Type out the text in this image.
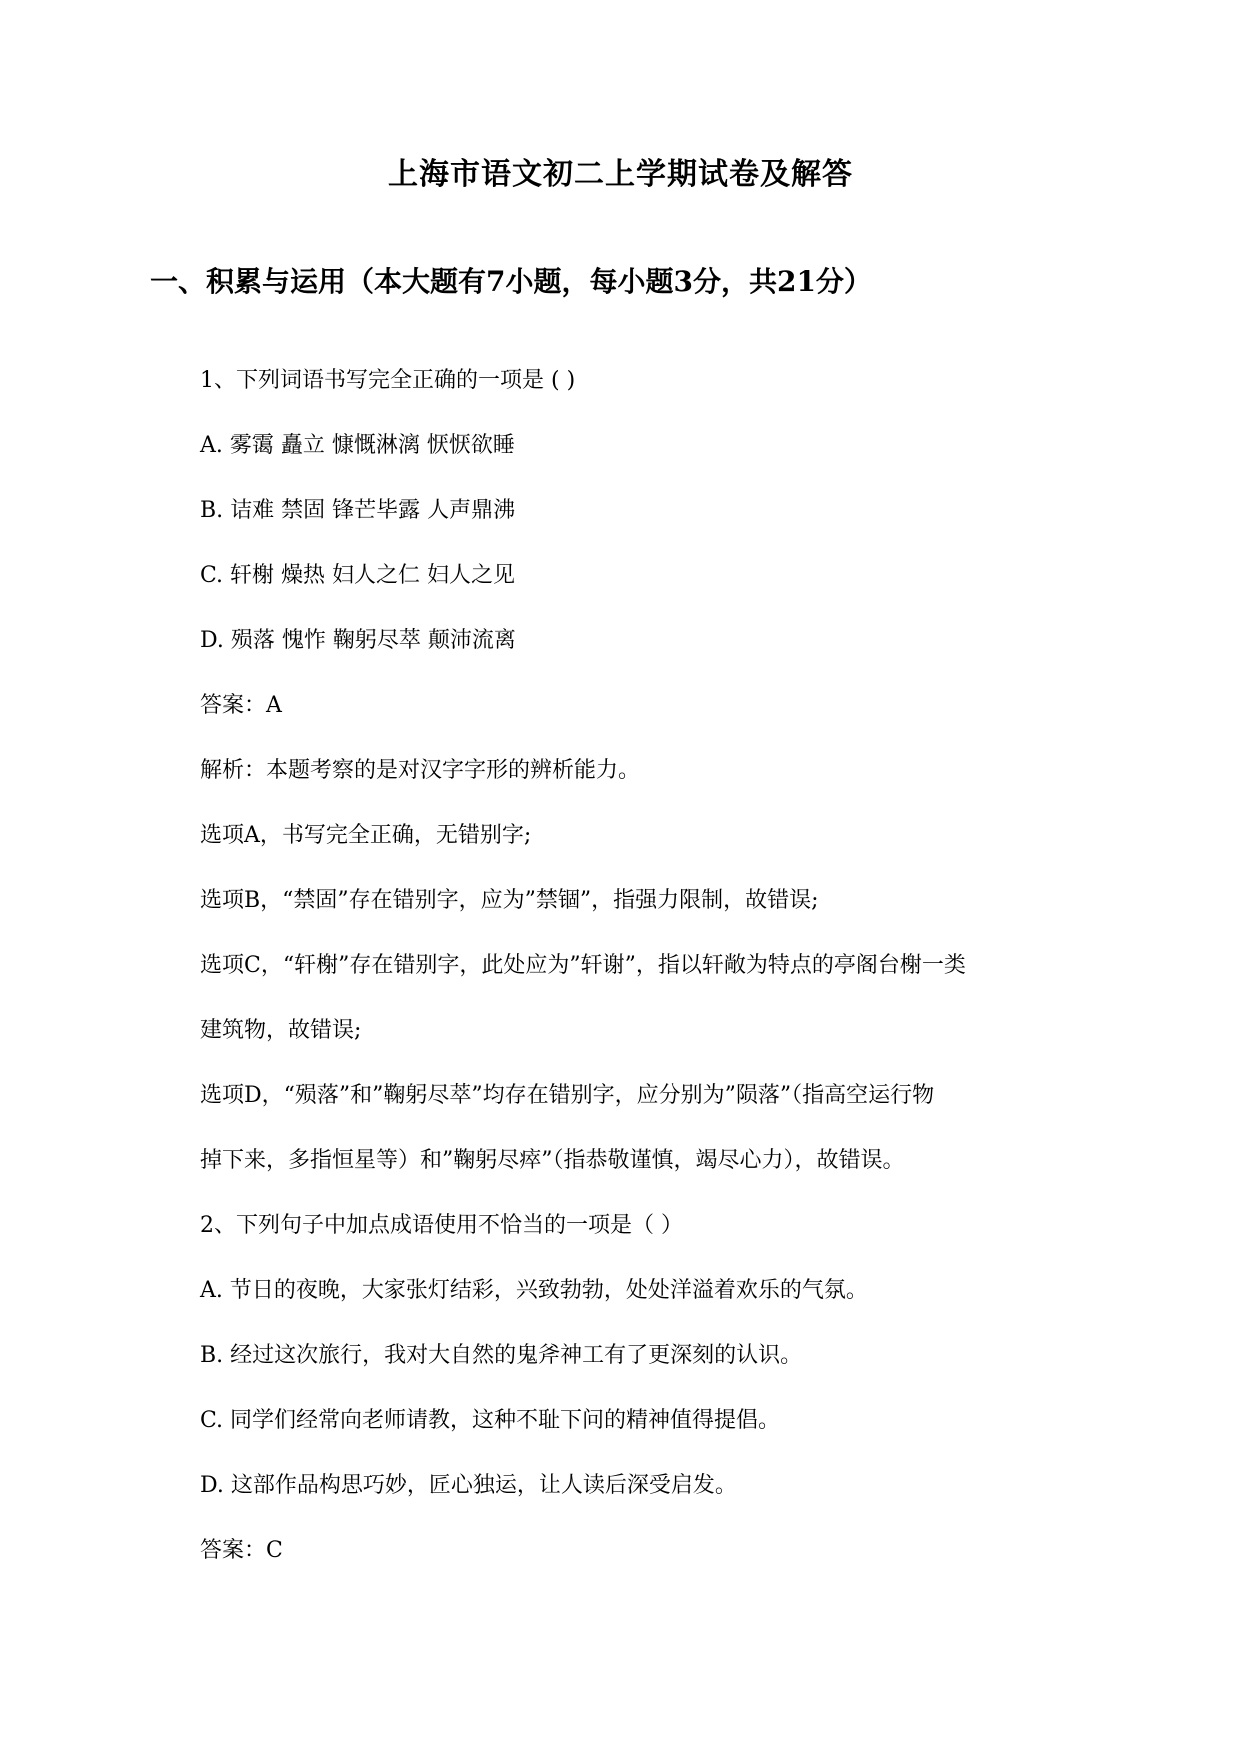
上海市语文初二上学期试卷及解答
一、积累与运用（本大题有7小题，每小题3分，共21分）
1、下列词语书写完全正确的一项是 ( )
A. 雾霭 矗立 慷慨淋漓 恹恹欲睡
B. 诘难 禁固 锋芒毕露 人声鼎沸
C. 轩榭 燥热 妇人之仁 妇人之见
D. 殒落 愧怍 鞠躬尽萃 颠沛流离
答案：A
解析：本题考察的是对汉字字形的辨析能力。
选项A，书写完全正确，无错别字;
选项B，“禁固”存在错别字，应为”禁锢”，指强力限制，故错误;
选项C，“轩榭”存在错别字，此处应为”轩谢”，指以轩敞为特点的亭阁台榭一类
建筑物，故错误;
选项D，“殒落”和”鞠躬尽萃”均存在错别字，应分别为”陨落”（指高空运行物
掉下来，多指恒星等）和”鞠躬尽瘁”（指恭敬谨慎，竭尽心力），故错误。
2、下列句子中加点成语使用不恰当的一项是（ ）
A. 节日的夜晚，大家张灯结彩，兴致勃勃，处处洋溢着欢乐的气氛。
B. 经过这次旅行，我对大自然的鬼斧神工有了更深刻的认识。
C. 同学们经常向老师请教，这种不耻下问的精神值得提倡。
D. 这部作品构思巧妙，匠心独运，让人读后深受启发。
答案：C
